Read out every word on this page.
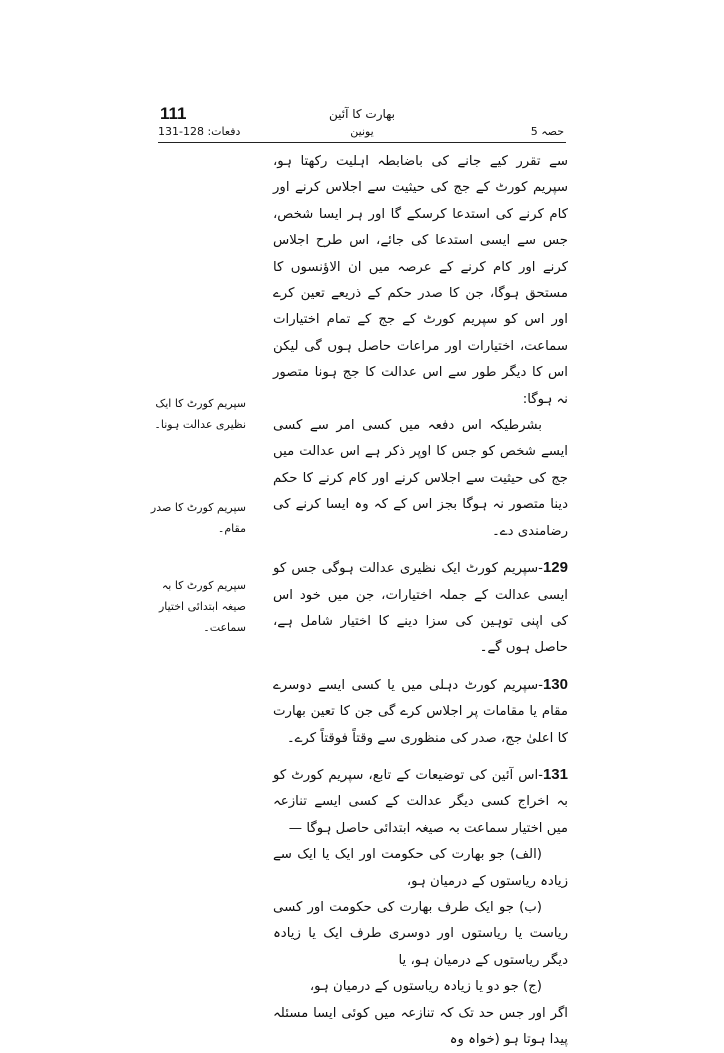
111	بھارت کا آئین
دفعات: 128-131	یونین	حصہ 5

سے تقرر کیے جانے کی باضابطہ اہلیت رکھتا ہو، سپریم کورٹ کے جج کی حیثیت سے اجلاس کرنے اور کام کرنے کی استدعا کرسکے گا اور ہر ایسا شخص، جس سے ایسی استدعا کی جائے، اس طرح اجلاس کرنے اور کام کرنے کے عرصہ میں ان الاؤنسوں کا مستحق ہوگا، جن کا صدر حکم کے ذریعے تعین کرے اور اس کو سپریم کورٹ کے جج کے تمام اختیارات سماعت، اختیارات اور مراعات حاصل ہوں گی لیکن اس کا دیگر طور سے اس عدالت کا جج ہونا متصور نہ ہوگا:

بشرطیکہ اس دفعہ میں کسی امر سے کسی ایسے شخص کو جس کا اوپر ذکر ہے اس عدالت میں جج کی حیثیت سے اجلاس کرنے اور کام کرنے کا حکم دینا متصور نہ ہوگا بجز اس کے کہ وہ ایسا کرنے کی رضامندی دے۔

129-سپریم کورٹ ایک نظیری عدالت ہوگی جس کو ایسی عدالت کے جملہ اختیارات، جن میں خود اس کی اپنی توہین کی سزا دینے کا اختیار شامل ہے، حاصل ہوں گے۔

130-سپریم کورٹ دہلی میں یا کسی ایسے دوسرے مقام یا مقامات پر اجلاس کرے گی جن کا تعین بھارت کا اعلیٰ جج، صدر کی منظوری سے وقتاً فوقتاً کرے۔

131-اس آئین کی توضیعات کے تابع، سپریم کورٹ کو بہ اخراج کسی دیگر عدالت کے کسی ایسے تنازعہ میں اختیار سماعت بہ صیغہ ابتدائی حاصل ہوگا —

(الف) جو بھارت کی حکومت اور ایک یا ایک سے زیادہ ریاستوں کے درمیان ہو،

(ب) جو ایک طرف بھارت کی حکومت اور کسی ریاست یا ریاستوں اور دوسری طرف ایک یا زیادہ دیگر ریاستوں کے درمیان ہو، یا

(ج) جو دو یا زیادہ ریاستوں کے درمیان ہو،

اگر اور جس حد تک کہ تنازعہ میں کوئی ایسا مسئلہ پیدا ہوتا ہو (خواہ وہ

سپریم کورٹ کا ایک نظیری عدالت ہونا۔
سپریم کورٹ کا صدر مقام۔
سپریم کورٹ کا بہ صیغہ ابتدائی اختیار سماعت۔
